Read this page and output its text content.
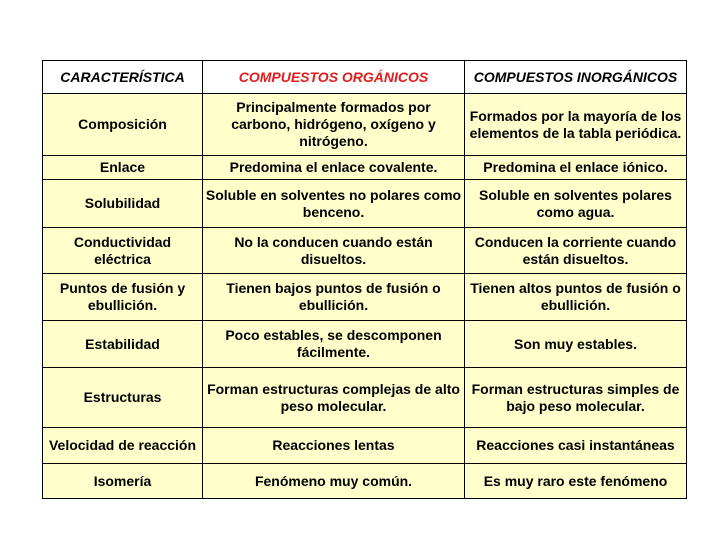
CARACTERÍSTICA	COMPUESTOS ORGÁNICOS	COMPUESTOS INORGÁNICOS
Composición	Principalmente formados por carbono, hidrógeno, oxígeno y nitrógeno.	Formados por la mayoría de los elementos de la tabla periódica.
Enlace	Predomina el enlace covalente.	Predomina el enlace iónico.
Solubilidad	Soluble en solventes no polares como benceno.	Soluble en solventes polares como agua.
Conductividad eléctrica	No la conducen cuando están disueltos.	Conducen la corriente cuando están disueltos.
Puntos de fusión y ebullición.	Tienen bajos puntos de fusión o ebullición.	Tienen altos puntos de fusión o ebullición.
Estabilidad	Poco estables, se descomponen fácilmente.	Son muy estables.
Estructuras	Forman estructuras complejas de alto peso molecular.	Forman estructuras simples de bajo peso molecular.
Velocidad de reacción	Reacciones lentas	Reacciones casi instantáneas
Isomería	Fenómeno muy común.	Es muy raro este fenómeno
